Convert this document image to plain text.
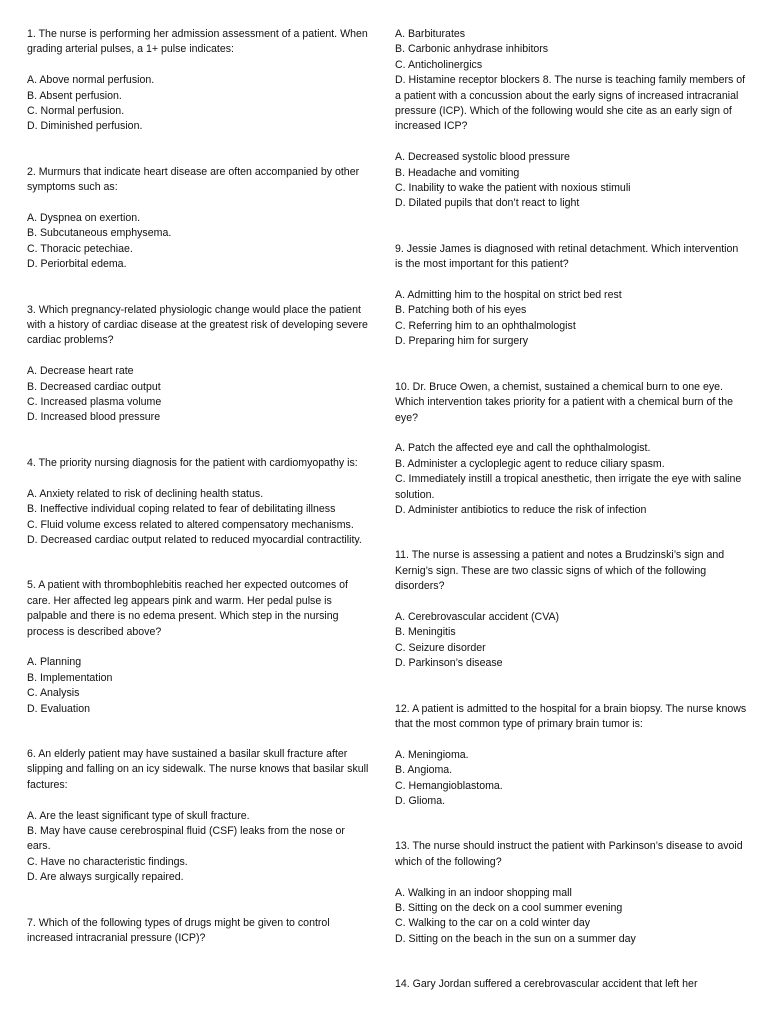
1. The nurse is performing her admission assessment of a patient. When grading arterial pulses, a 1+ pulse indicates:

A. Above normal perfusion.
B. Absent perfusion.
C. Normal perfusion.
D. Diminished perfusion.

2. Murmurs that indicate heart disease are often accompanied by other symptoms such as:

A. Dyspnea on exertion.
B. Subcutaneous emphysema.
C. Thoracic petechiae.
D. Periorbital edema.

3. Which pregnancy-related physiologic change would place the patient with a history of cardiac disease at the greatest risk of developing severe cardiac problems?

A. Decrease heart rate
B. Decreased cardiac output
C. Increased plasma volume
D. Increased blood pressure

4. The priority nursing diagnosis for the patient with cardiomyopathy is:

A. Anxiety related to risk of declining health status.
B. Ineffective individual coping related to fear of debilitating illness
C. Fluid volume excess related to altered compensatory mechanisms.
D. Decreased cardiac output related to reduced myocardial contractility.

5. A patient with thrombophlebitis reached her expected outcomes of care. Her affected leg appears pink and warm. Her pedal pulse is palpable and there is no edema present. Which step in the nursing process is described above?

A. Planning
B. Implementation
C. Analysis
D. Evaluation

6. An elderly patient may have sustained a basilar skull fracture after slipping and falling on an icy sidewalk. The nurse knows that basilar skull factures:

A. Are the least significant type of skull fracture.
B. May have cause cerebrospinal fluid (CSF) leaks from the nose or ears.
C. Have no characteristic findings.
D. Are always surgically repaired.

7. Which of the following types of drugs might be given to control increased intracranial pressure (ICP)?

A. Barbiturates
B. Carbonic anhydrase inhibitors
C. Anticholinergics

D. Histamine receptor blockers 8. The nurse is teaching family members of a patient with a concussion about the early signs of increased intracranial pressure (ICP). Which of the following would she cite as an early sign of increased ICP?

A. Decreased systolic blood pressure
B. Headache and vomiting
C. Inability to wake the patient with noxious stimuli
D. Dilated pupils that don’t react to light

9. Jessie James is diagnosed with retinal detachment. Which intervention is the most important for this patient?

A. Admitting him to the hospital on strict bed rest
B. Patching both of his eyes
C. Referring him to an ophthalmologist
D. Preparing him for surgery

10. Dr. Bruce Owen, a chemist, sustained a chemical burn to one eye. Which intervention takes priority for a patient with a chemical burn of the eye?

A. Patch the affected eye and call the ophthalmologist.
B. Administer a cycloplegic agent to reduce ciliary spasm.
C. Immediately instill a tropical anesthetic, then irrigate the eye with saline solution.
D. Administer antibiotics to reduce the risk of infection

11. The nurse is assessing a patient and notes a Brudzinski’s sign and Kernig’s sign. These are two classic signs of which of the following disorders?

A. Cerebrovascular accident (CVA)
B. Meningitis
C. Seizure disorder
D. Parkinson’s disease

12. A patient is admitted to the hospital for a brain biopsy. The nurse knows that the most common type of primary brain tumor is:

A. Meningioma.
B. Angioma.
C. Hemangioblastoma.
D. Glioma.

13. The nurse should instruct the patient with Parkinson’s disease to avoid which of the following?

A. Walking in an indoor shopping mall
B. Sitting on the deck on a cool summer evening
C. Walking to the car on a cold winter day
D. Sitting on the beach in the sun on a summer day

14. Gary Jordan suffered a cerebrovascular accident that left her
